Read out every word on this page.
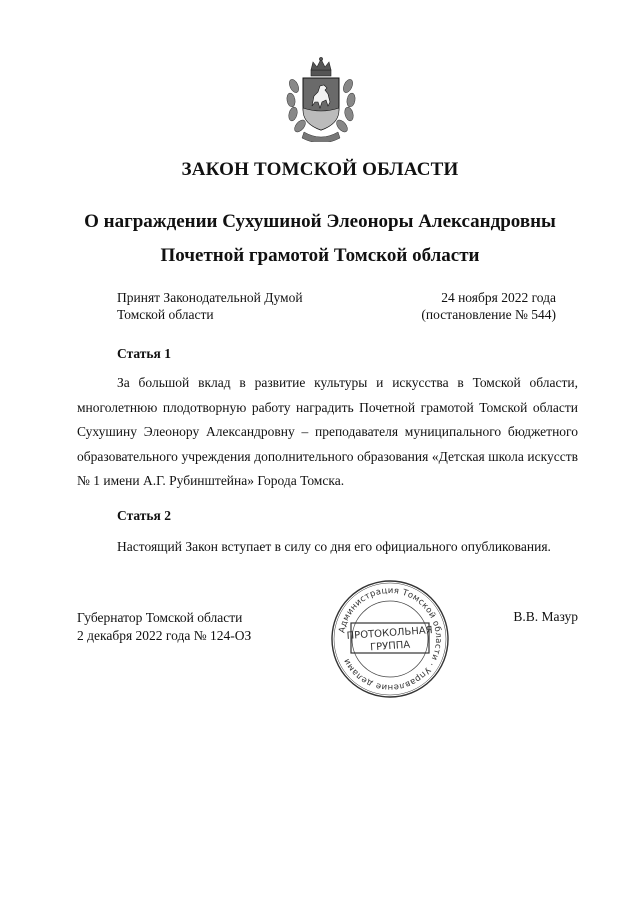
ЗАКОН ТОМСКОЙ ОБЛАСТИ
О награждении Сухушиной Элеоноры Александровны
Почетной грамотой Томской области
Принят Законодательной Думой
Томской области
24 ноября 2022 года
(постановление № 544)
Статья 1
За большой вклад в развитие культуры и искусства в Томской области, многолетнюю плодотворную работу наградить Почетной грамотой Томской области Сухушину Элеонору Александровну – преподавателя муниципального бюджетного образовательного учреждения дополнительного образования «Детская школа искусств № 1 имени А.Г. Рубинштейна» Города Томска.
Статья 2
Настоящий Закон вступает в силу со дня его официального опубликования.
Губернатор Томской области
2 декабря 2022 года № 124-ОЗ
В.В. Мазур
Администрация Томской области · Управление делами
ПРОТОКОЛЬНАЯ
ГРУППА
